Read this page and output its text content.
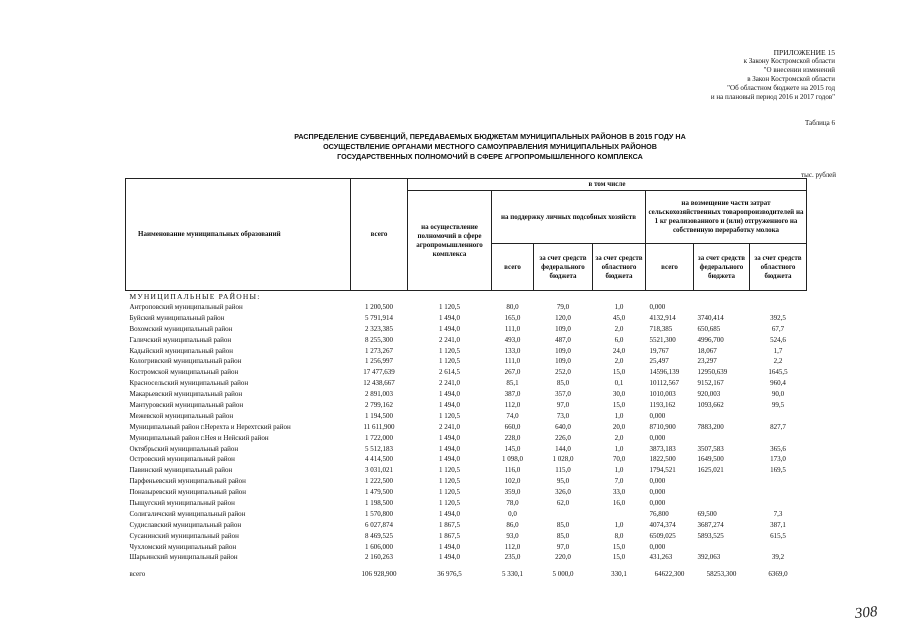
ПРИЛОЖЕНИЕ 15
к Закону Костромской области
"О внесении изменений
в Закон Костромской области
"Об областном бюджете на 2015 год
и на плановый период 2016 и 2017 годов"
Таблица 6
РАСПРЕДЕЛЕНИЕ СУБВЕНЦИЙ, ПЕРЕДАВАЕМЫХ БЮДЖЕТАМ МУНИЦИПАЛЬНЫХ РАЙОНОВ В 2015 ГОДУ НА
ОСУЩЕСТВЛЕНИЕ ОРГАНАМИ МЕСТНОГО САМОУПРАВЛЕНИЯ МУНИЦИПАЛЬНЫХ РАЙОНОВ
ГОСУДАРСТВЕННЫХ ПОЛНОМОЧИЙ В СФЕРЕ АГРОПРОМЫШЛЕННОГО КОМПЛЕКСА
тыс. рублей
Наименование муниципальных образований	всего	в том числе						
		на осуществление полномочий в сфере агропромышленного комплекса	на поддержку личных подсобных хозяйств			на возмещение части затрат сельскохозяйственных товаропроизводителей на 1 кг реализованного и (или) отгруженного на собственную переработку молока		
			всего	за счет средств федерального бюджета	за счет средств областного бюджета	всего	за счет средств федерального бюджета	за счет средств областного бюджета
МУНИЦИПАЛЬНЫЕ РАЙОНЫ:								
Антроповский муниципальный район	1 200,500	1 120,5	80,0	79,0	1,0	0,000		
Буйский муниципальный район	5 791,914	1 494,0	165,0	120,0	45,0	4132,914	3740,414	392,5
Вохомский муниципальный район	2 323,385	1 494,0	111,0	109,0	2,0	718,385	650,685	67,7
Галичский муниципальный район	8 255,300	2 241,0	493,0	487,0	6,0	5521,300	4996,700	524,6
Кадыйский муниципальный район	1 273,267	1 120,5	133,0	109,0	24,0	19,767	18,067	1,7
Кологривский муниципальный район	1 256,997	1 120,5	111,0	109,0	2,0	25,497	23,297	2,2
Костромской муниципальный район	17 477,639	2 614,5	267,0	252,0	15,0	14596,139	12950,639	1645,5
Красносельский муниципальный район	12 438,667	2 241,0	85,1	85,0	0,1	10112,567	9152,167	960,4
Макарьевский муниципальный район	2 891,003	1 494,0	387,0	357,0	30,0	1010,003	920,003	90,0
Мантуровский муниципальный район	2 799,162	1 494,0	112,0	97,0	15,0	1193,162	1093,662	99,5
Межевской муниципальный район	1 194,500	1 120,5	74,0	73,0	1,0	0,000		
Муниципальный район г.Нерехта и Нерехтский район	11 611,900	2 241,0	660,0	640,0	20,0	8710,900	7883,200	827,7
Муниципальный район г.Нея и Нейский район	1 722,000	1 494,0	228,0	226,0	2,0	0,000		
Октябрьский муниципальный район	5 512,183	1 494,0	145,0	144,0	1,0	3873,183	3507,583	365,6
Островский муниципальный район	4 414,500	1 494,0	1 098,0	1 028,0	70,0	1822,500	1649,500	173,0
Павинский муниципальный район	3 031,021	1 120,5	116,0	115,0	1,0	1794,521	1625,021	169,5
Парфеньевский муниципальный район	1 222,500	1 120,5	102,0	95,0	7,0	0,000		
Поназыревский муниципальный район	1 479,500	1 120,5	359,0	326,0	33,0	0,000		
Пыщугский муниципальный район	1 198,500	1 120,5	78,0	62,0	16,0	0,000		
Солигаличский муниципальный район	1 570,800	1 494,0	0,0			76,800	69,500	7,3
Судиславский муниципальный район	6 027,874	1 867,5	86,0	85,0	1,0	4074,374	3687,274	387,1
Сусанинский муниципальный район	8 469,525	1 867,5	93,0	85,0	8,0	6509,025	5893,525	615,5
Чухломский муниципальный район	1 606,000	1 494,0	112,0	97,0	15,0	0,000		
Шарьинский муниципальный район	2 160,263	1 494,0	235,0	220,0	15,0	431,263	392,063	39,2
всего	106 928,900	36 976,5	5 330,1	5 000,0	330,1	64622,300	58253,300	6369,0
308
